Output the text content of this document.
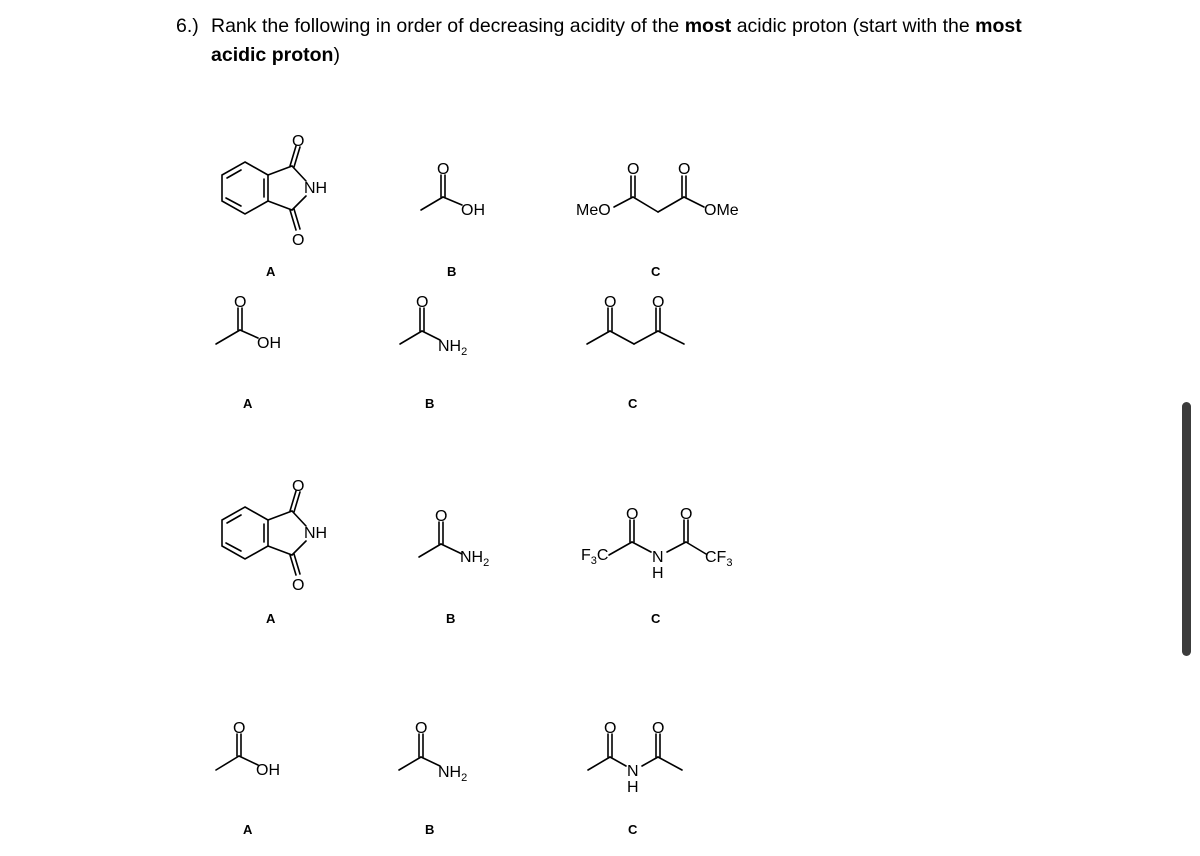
6.) Rank the following in order of decreasing acidity of the most acidic proton (start with the most acidic proton)
NH
O
O
O
OH	MeO
O O
OMe
O
OH
O
$NH_2$
O O
NH
O
O
O
$NH_2$	$F_3C$
O	O
N
H
$CF_3$
O
OH
O
$NH_2$
O O
N
H
A	B	C
A	B	C
A	B	C
A	B	C
